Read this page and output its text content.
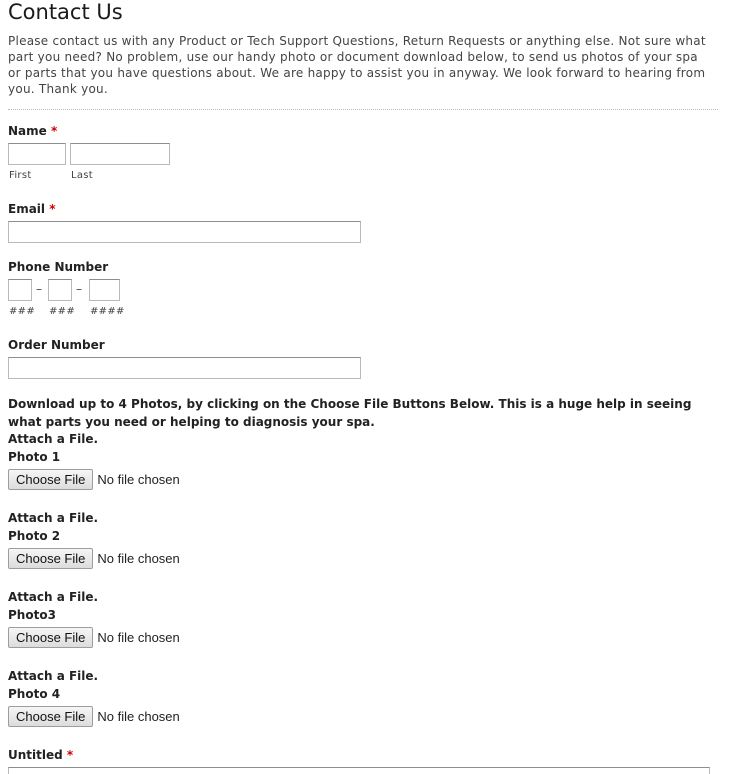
Contact Us
Please contact us with any Product or Tech Support Questions, Return Requests or anything else. Not sure what part you need? No problem, use our handy photo or document download below, to send us photos of your spa or parts that you have questions about. We are happy to assist you in anyway. We look forward to hearing from you. Thank you.
Name *
First	Last
Email *
Phone Number
–	–
### ### ####
Order Number
Download up to 4 Photos, by clicking on the Choose File Buttons Below. This is a huge help in seeing what parts you need or helping to diagnosis your spa.
Attach a File.
Photo 1
Choose File No file chosen
Attach a File.
Photo 2
Choose File No file chosen
Attach a File.
Photo3
Choose File No file chosen
Attach a File.
Photo 4
Choose File No file chosen
Untitled *
